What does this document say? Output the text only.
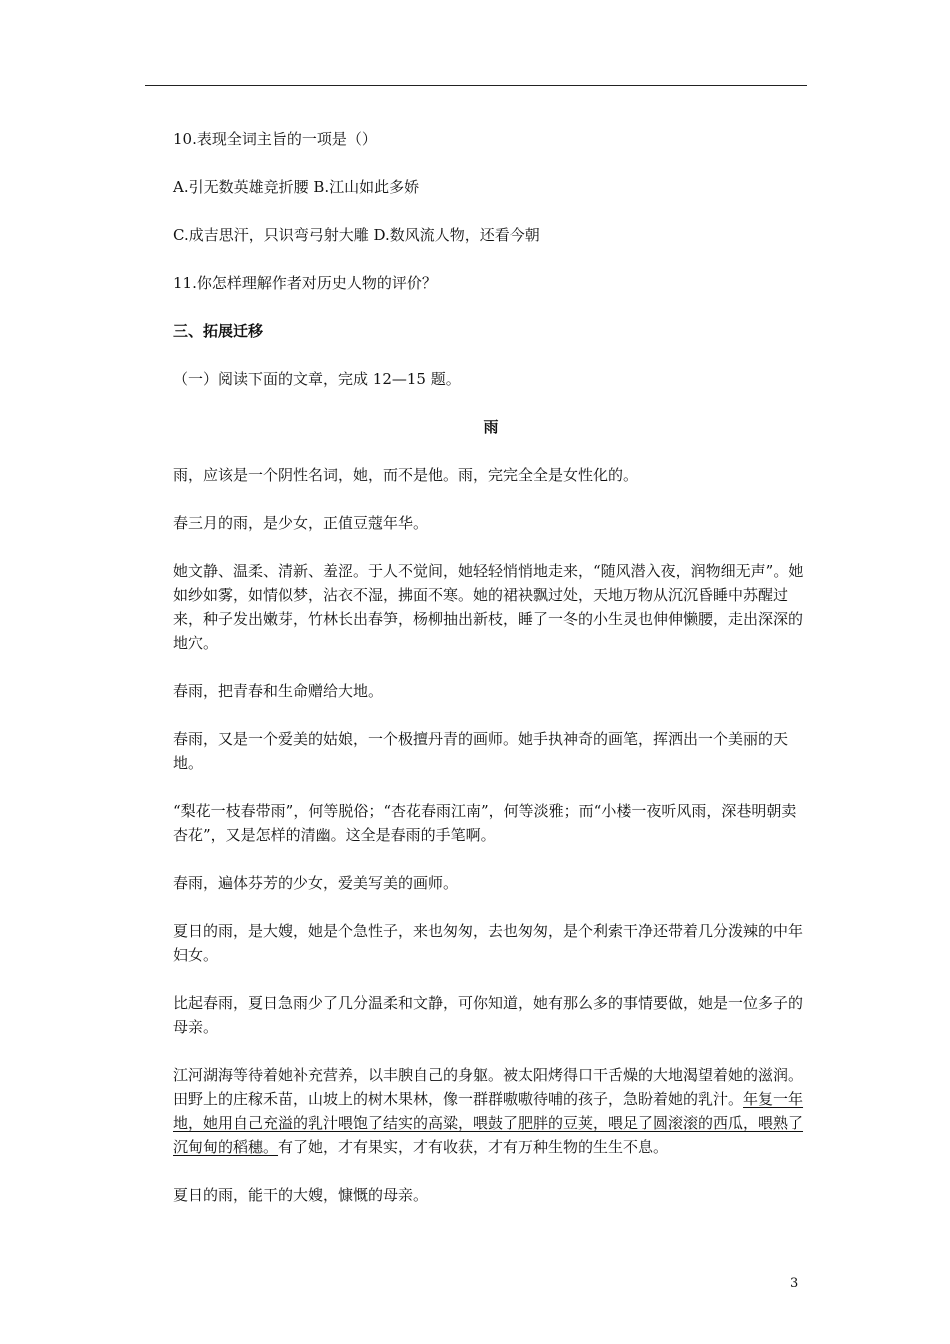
10.表现全词主旨的一项是（）

A.引无数英雄竞折腰 B.江山如此多娇

C.成吉思汗，只识弯弓射大雕 D.数风流人物，还看今朝

11.你怎样理解作者对历史人物的评价？

三、拓展迁移

（一）阅读下面的文章，完成 12—15 题。

雨

雨，应该是一个阴性名词，她，而不是他。雨，完完全全是女性化的。

春三月的雨，是少女，正值豆蔻年华。

她文静、温柔、清新、羞涩。于人不觉间，她轻轻悄悄地走来，“随风潜入夜，润物细无声”。她如纱如雾，如情似梦，沾衣不湿，拂面不寒。她的裙袂飘过处，天地万物从沉沉昏睡中苏醒过来，种子发出嫩芽，竹林长出春笋，杨柳抽出新枝，睡了一冬的小生灵也伸伸懒腰，走出深深的地穴。

春雨，把青春和生命赠给大地。

春雨，又是一个爱美的姑娘，一个极擅丹青的画师。她手执神奇的画笔，挥洒出一个美丽的天地。

“梨花一枝春带雨”，何等脱俗；“杏花春雨江南”，何等淡雅；而“小楼一夜听风雨，深巷明朝卖杏花”，又是怎样的清幽。这全是春雨的手笔啊。

春雨，遍体芬芳的少女，爱美写美的画师。

夏日的雨，是大嫂，她是个急性子，来也匆匆，去也匆匆，是个利索干净还带着几分泼辣的中年妇女。

比起春雨，夏日急雨少了几分温柔和文静，可你知道，她有那么多的事情要做，她是一位多子的母亲。

江河湖海等待着她补充营养，以丰腴自己的身躯。被太阳烤得口干舌燥的大地渴望着她的滋润。田野上的庄稼禾苗，山坡上的树木果林，像一群群嗷嗷待哺的孩子，急盼着她的乳汁。年复一年地，她用自己充溢的乳汁喂饱了结实的高粱，喂鼓了肥胖的豆荚，喂足了圆滚滚的西瓜，喂熟了沉甸甸的稻穗。有了她，才有果实，才有收获，才有万种生物的生生不息。

夏日的雨，能干的大嫂，慷慨的母亲。

3
